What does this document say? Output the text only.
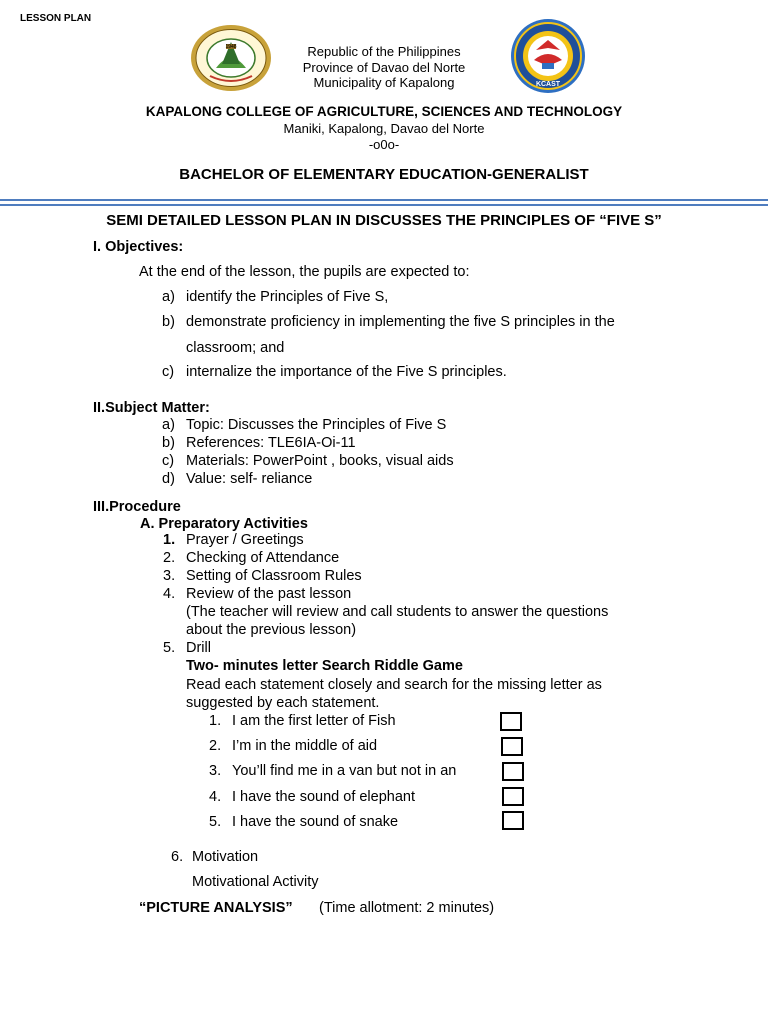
LESSON PLAN
1948
KCAST
Republic of the Philippines
Province of Davao del Norte
Municipality of Kapalong
KAPALONG COLLEGE OF AGRICULTURE, SCIENCES AND TECHNOLOGY
Maniki, Kapalong, Davao del Norte
-o0o-
BACHELOR OF ELEMENTARY EDUCATION-GENERALIST
SEMI DETAILED LESSON PLAN IN DISCUSSES THE PRINCIPLES OF “FIVE S”
I. Objectives:
At the end of the lesson, the pupils are expected to:
a) identify the Principles of Five S,
b) demonstrate proficiency in implementing the five S principles in the
classroom; and
c) internalize the importance of the Five S principles.
II.Subject Matter:
a) Topic: Discusses the Principles of Five S
b) References: TLE6IA-Oi-11
c) Materials: PowerPoint , books, visual aids
d) Value: self- reliance
III.Procedure
A. Preparatory Activities
1. Prayer / Greetings
2. Checking of Attendance
3. Setting of Classroom Rules
4. Review of the past lesson
(The teacher will review and call students to answer the questions
about the previous lesson)
5. Drill
Two- minutes letter Search Riddle Game
Read each statement closely and search for the missing letter as
suggested by each statement.
1. I am the first letter of Fish
2. I’m in the middle of aid
3. You’ll find me in a van but not in an
4. I have the sound of elephant
5. I have the sound of snake
6. Motivation
Motivational Activity
“PICTURE ANALYSIS” (Time allotment: 2 minutes)
